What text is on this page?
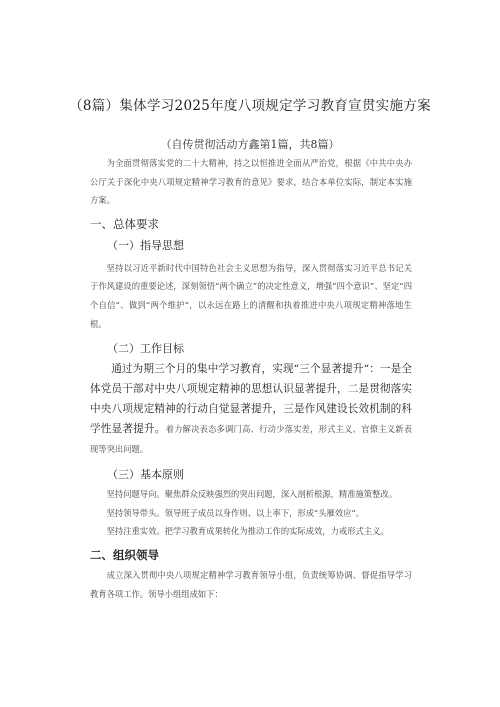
（8篇）集体学习2025年度八项规定学习教育宣贯实施方案
（自传贯彻活动方鑫第1篇，共8篇）

为全面贯彻落实党的二十大精神，持之以恒推进全面从严治党，根据《中共中央办公厅关于深化中央八项规定精神学习教育的意见》要求，结合本单位实际，制定本实施方案。

一、总体要求

（一）指导思想

坚持以习近平新时代中国特色社会主义思想为指导，深入贯彻落实习近平总书记关于作风建设的重要论述，深刻领悟“两个确立”的决定性意义，增强“四个意识”、坚定“四个自信“、做到“两个维护“，以永远在路上的清醒和执着推进中央八项规定精神落地生根。

（二）工作目标

通过为期三个月的集中学习教育，实现“三个显著提升“：一是全体党员干部对中央八项规定精神的思想认识显著提升，二是贯彻落实中央八项规定精神的行动自觉显著提升，三是作风建设长效机制的科学性显著提升。着力解决表态多调门高、行动少落实差，形式主义、官僚主义新表现等突出问题。

（三）基本原则

坚持问题导向。聚焦群众反映强烈的突出问题，深入剖析根源，精准施策整改。

坚持领导带头。领导班子成员以身作则、以上率下，形成“头雁效应“。

坚持注重实效。把学习教育成果转化为推动工作的实际成效，力戒形式主义。

二、组织领导

成立深入贯彻中央八项规定精神学习教育领导小组，负责统筹协调、督促指导学习教育各项工作。领导小组组成如下：
